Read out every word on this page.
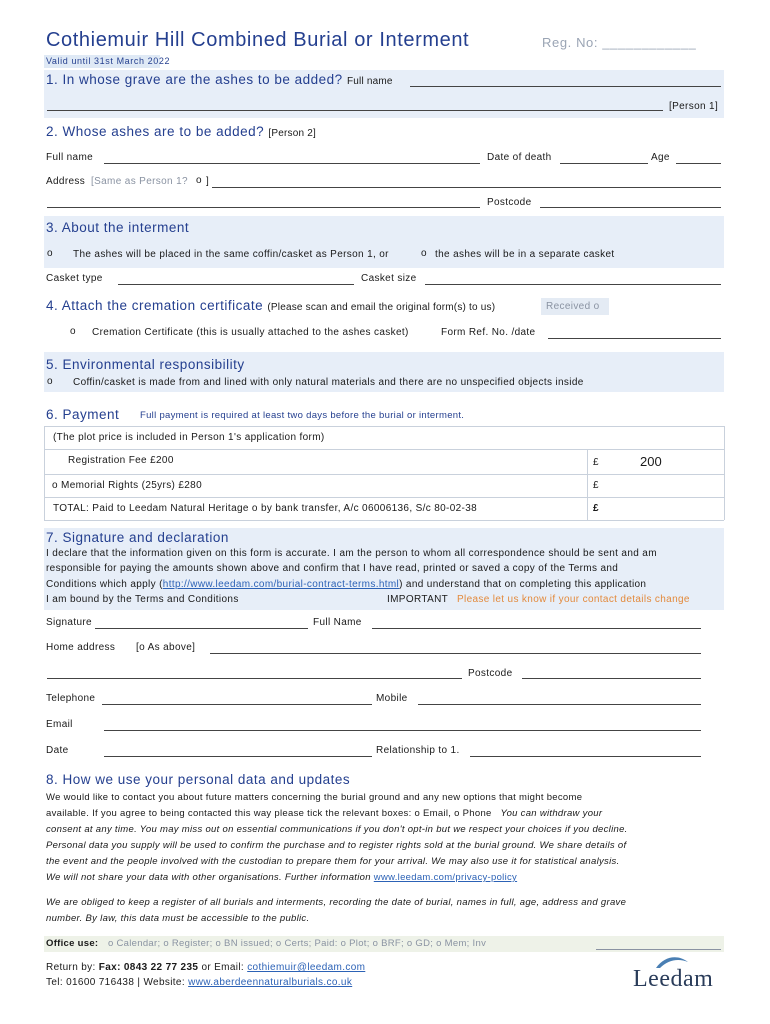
Cothiemuir Hill Combined Burial or Interment	Reg. No: ____________
Valid until 31st March 2022
1. In whose grave are the ashes to be added? Full name
[Person 1]
2. Whose ashes are to be added? [Person 2]
Full name	Date of death	Age
Address [Same as Person 1? o ]
Postcode
3. About the interment
o The ashes will be placed in the same coffin/casket as Person 1, or	o the ashes will be in a separate casket
Casket type	Casket size
4. Attach the cremation certificate (Please scan and email the original form(s) to us)	Received o
o Cremation Certificate (this is usually attached to the ashes casket)	Form Ref. No. /date
5. Environmental responsibility
o Coffin/casket is made from and lined with only natural materials and there are no unspecified objects inside
6. Payment Full payment is required at least two days before the burial or interment.
(The plot price is included in Person 1's application form)
Registration Fee £200	£	200
o Memorial Rights (25yrs) £280	£
TOTAL: Paid to Leedam Natural Heritage o by bank transfer, A/c 06006136, S/c 80-02-38	£
7. Signature and declaration
I declare that the information given on this form is accurate. I am the person to whom all correspondence should be sent and am
responsible for paying the amounts shown above and confirm that I have read, printed or saved a copy of the Terms and
Conditions which apply (http://www.leedam.com/burial-contract-terms.html) and understand that on completing this application
I am bound by the Terms and Conditions	IMPORTANT Please let us know if your contact details change
Signature	Full Name
Home address [o As above]
Postcode
Telephone	Mobile
Email
Date	Relationship to 1.
8. How we use your personal data and updates
We would like to contact you about future matters concerning the burial ground and any new options that might become
available. If you agree to being contacted this way please tick the relevant boxes: o Email, o Phone You can withdraw your
consent at any time. You may miss out on essential communications if you don't opt-in but we respect your choices if you decline.
Personal data you supply will be used to confirm the purchase and to register rights sold at the burial ground. We share details of
the event and the people involved with the custodian to prepare them for your arrival. We may also use it for statistical analysis.
We will not share your data with other organisations. Further information www.leedam.com/privacy-policy
We are obliged to keep a register of all burials and interments, recording the date of burial, names in full, age, address and grave
number. By law, this data must be accessible to the public.
Office use: o Calendar; o Register; o BN issued; o Certs; Paid: o Plot; o BRF; o GD; o Mem; Inv
Return by: Fax: 0843 22 77 235 or Email: cothiemuir@leedam.com
Tel: 01600 716438 | Website: www.aberdeennaturalburials.co.uk	Leedam
